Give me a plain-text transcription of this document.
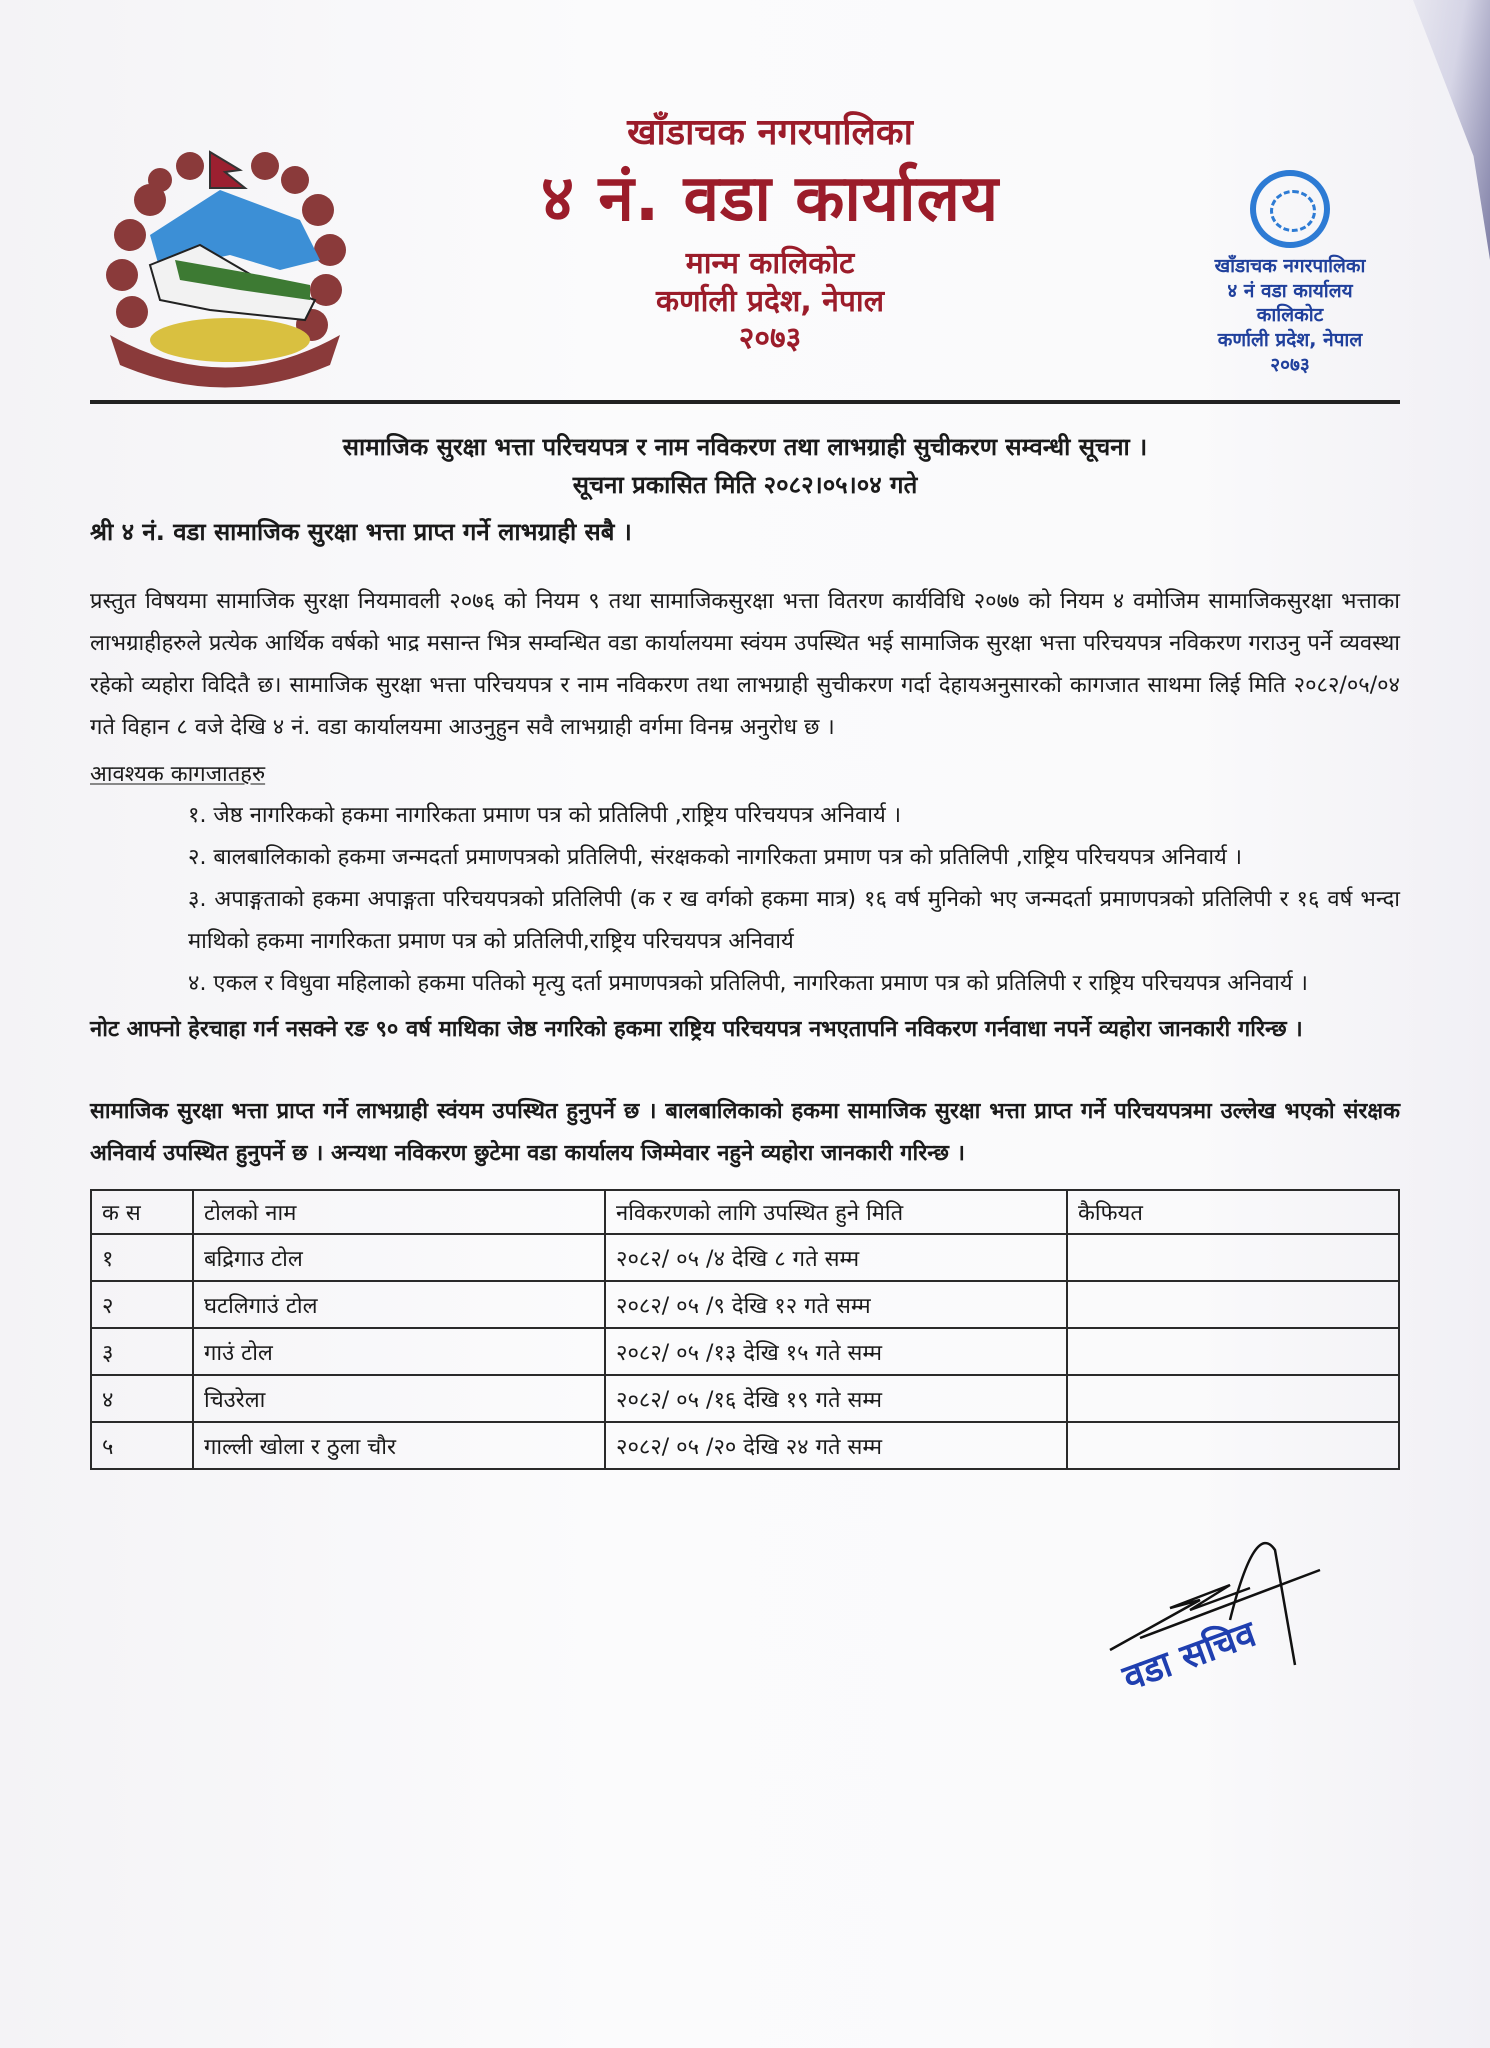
खाँडाचक नगरपालिका
४ नं. वडा कार्यालय
मान्म कालिकोट
कर्णाली प्रदेश, नेपाल
२०७३
खाँडाचक नगरपालिका
४ नं वडा कार्यालय
कालिकोट
कर्णाली प्रदेश, नेपाल
२०७३
सामाजिक सुरक्षा भत्ता परिचयपत्र र नाम नविकरण तथा लाभग्राही सुचीकरण सम्वन्धी सूचना ।
सूचना प्रकासित मिति २०८२।०५।०४ गते
श्री ४ नं. वडा सामाजिक सुरक्षा भत्ता प्राप्त गर्ने लाभग्राही सबै ।

प्रस्तुत विषयमा सामाजिक सुरक्षा नियमावली २०७६ को नियम ९ तथा सामाजिकसुरक्षा भत्ता वितरण कार्यविधि २०७७ को नियम ४ वमोजिम सामाजिकसुरक्षा भत्ताका लाभग्राहीहरुले प्रत्येक आर्थिक वर्षको भाद्र मसान्त भित्र सम्वन्धित वडा कार्यालयमा स्वंयम उपस्थित भई सामाजिक सुरक्षा भत्ता परिचयपत्र नविकरण गराउनु पर्ने व्यवस्था रहेको व्यहोरा विदितै छ। सामाजिक सुरक्षा भत्ता परिचयपत्र र नाम नविकरण तथा लाभग्राही सुचीकरण गर्दा देहायअनुसारको कागजात साथमा लिई मिति २०८२/०५/०४ गते विहान ८ वजे देखि ४ नं. वडा कार्यालयमा आउनुहुन सवै लाभग्राही वर्गमा विनम्र अनुरोध छ ।

आवश्यक कागजातहरु
१. जेष्ठ नागरिकको हकमा नागरिकता प्रमाण पत्र को प्रतिलिपी ,राष्ट्रिय परिचयपत्र अनिवार्य ।
२. बालबालिकाको हकमा जन्मदर्ता प्रमाणपत्रको प्रतिलिपी, संरक्षकको नागरिकता प्रमाण पत्र को प्रतिलिपी ,राष्ट्रिय परिचयपत्र अनिवार्य ।
३. अपाङ्गताको हकमा अपाङ्गता परिचयपत्रको प्रतिलिपी (क र ख वर्गको हकमा मात्र) १६ वर्ष मुनिको भए जन्मदर्ता प्रमाणपत्रको प्रतिलिपी र १६ वर्ष भन्दा माथिको हकमा नागरिकता प्रमाण पत्र को प्रतिलिपी,राष्ट्रिय परिचयपत्र अनिवार्य
४. एकल र विधुवा महिलाको हकमा पतिको मृत्यु दर्ता प्रमाणपत्रको प्रतिलिपी, नागरिकता प्रमाण पत्र को प्रतिलिपी र राष्ट्रिय परिचयपत्र अनिवार्य ।
नोट आफ्नो हेरचाहा गर्न नसक्ने रङ ९० वर्ष माथिका जेष्ठ नगरिको हकमा राष्ट्रिय परिचयपत्र नभएतापनि नविकरण गर्नवाधा नपर्ने व्यहोरा जानकारी गरिन्छ ।
सामाजिक सुरक्षा भत्ता प्राप्त गर्ने लाभग्राही स्वंयम उपस्थित हुनुपर्ने छ । बालबालिकाको हकमा सामाजिक सुरक्षा भत्ता प्राप्त गर्ने परिचयपत्रमा उल्लेख भएको संरक्षक अनिवार्य उपस्थित हुनुपर्ने छ । अन्यथा नविकरण छुटेमा वडा कार्यालय जिम्मेवार नहुने व्यहोरा जानकारी गरिन्छ ।
क स	टोलको नाम	नविकरणको लागि उपस्थित हुने मिति	कैफियत
१	बद्रिगाउ टोल	२०८२/ ०५ /४ देखि ८ गते सम्म	
२	घटलिगाउं टोल	२०८२/ ०५ /९ देखि १२ गते सम्म	
३	गाउं टोल	२०८२/ ०५ /१३ देखि १५ गते सम्म	
४	चिउरेला	२०८२/ ०५ /१६ देखि १९ गते सम्म	
५	गाल्ली खोला र ठुला चौर	२०८२/ ०५ /२० देखि २४ गते सम्म	
वडा सचिव
